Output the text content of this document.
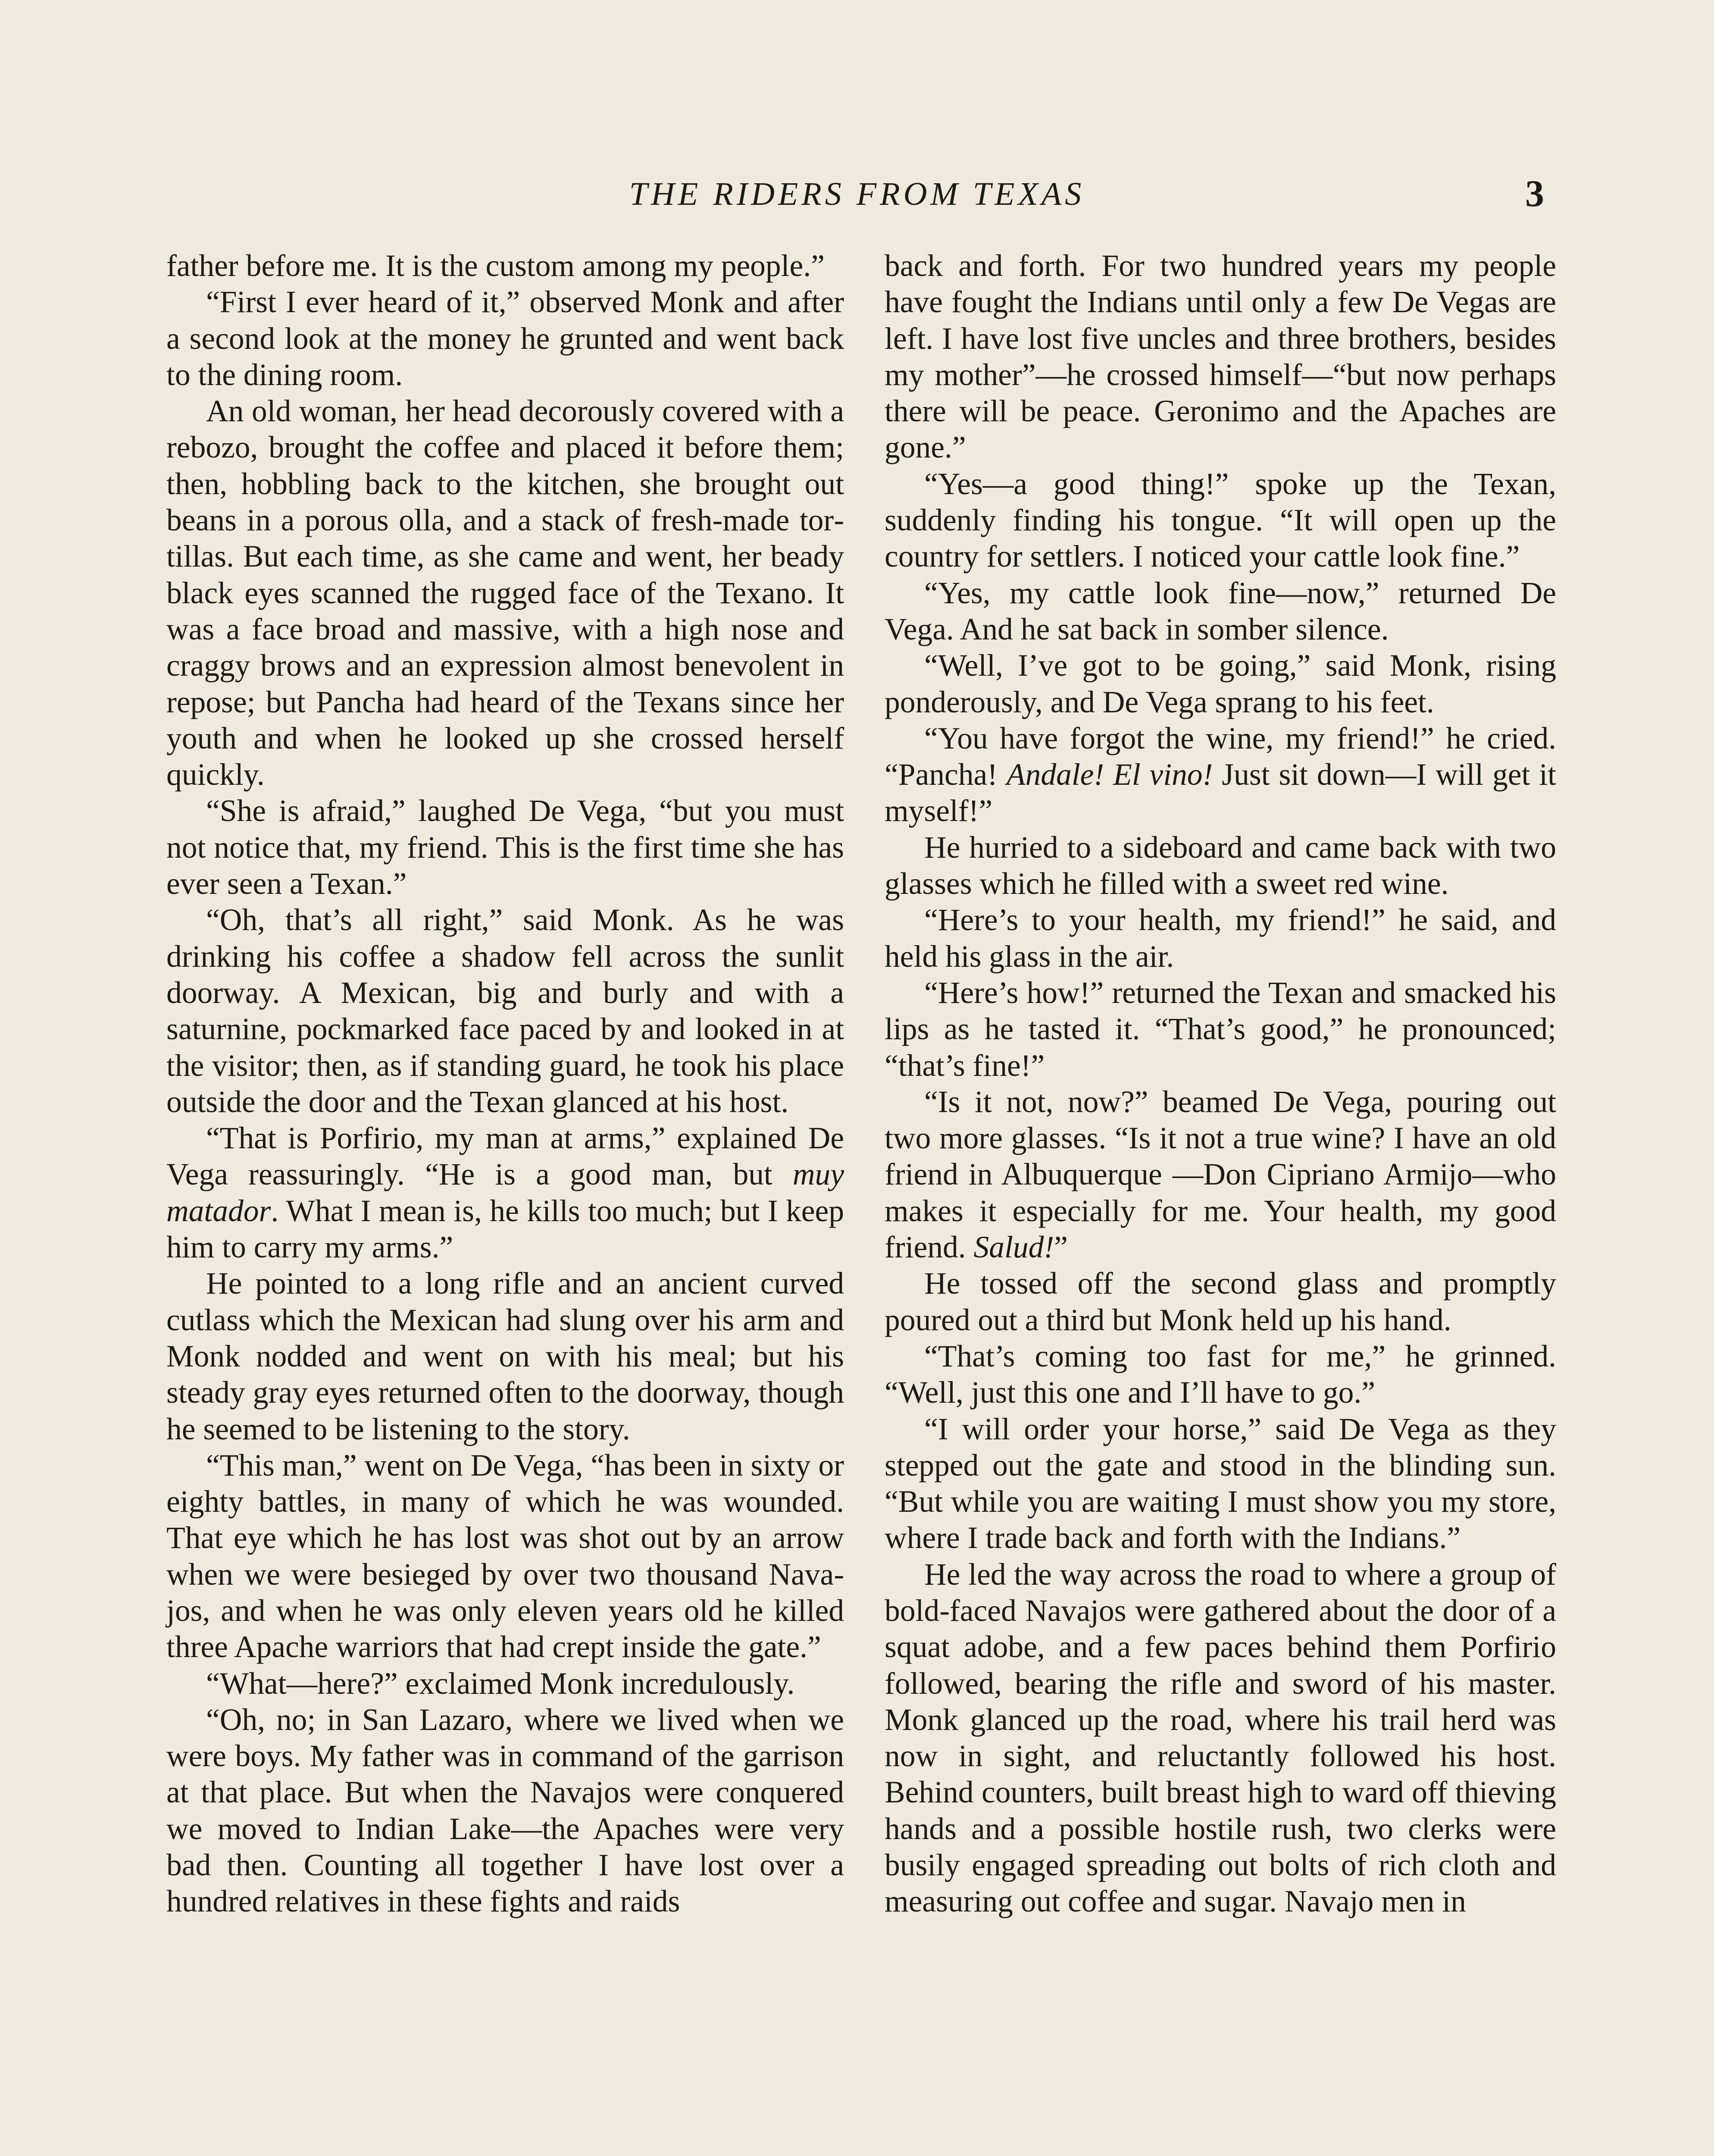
THE RIDERS FROM TEXAS	3

father before me. It is the custom among my people.”

“First I ever heard of it,” observed Monk and after a second look at the money he grunted and went back to the dining room.

An old woman, her head decorously covered with a rebozo, brought the coffee and placed it before them; then, hobbling back to the kitchen, she brought out beans in a porous olla, and a stack of fresh-made tortillas. But each time, as she came and went, her beady black eyes scanned the rugged face of the Texano. It was a face broad and massive, with a high nose and craggy brows and an expression almost benevolent in repose; but Pancha had heard of the Texans since her youth and when he looked up she crossed herself quickly.

“She is afraid,” laughed De Vega, “but you must not notice that, my friend. This is the first time she has ever seen a Texan.”

“Oh, that’s all right,” said Monk. As he was drinking his coffee a shadow fell across the sunlit doorway. A Mexican, big and burly and with a saturnine, pockmarked face paced by and looked in at the visitor; then, as if standing guard, he took his place outside the door and the Texan glanced at his host.

“That is Porfirio, my man at arms,” explained De Vega reassuringly. “He is a good man, but muy matador. What I mean is, he kills too much; but I keep him to carry my arms.”

He pointed to a long rifle and an ancient curved cutlass which the Mexican had slung over his arm and Monk nodded and went on with his meal; but his steady gray eyes returned often to the doorway, though he seemed to be listening to the story.

“This man,” went on De Vega, “has been in sixty or eighty battles, in many of which he was wounded. That eye which he has lost was shot out by an arrow when we were besieged by over two thousand Navajos, and when he was only eleven years old he killed three Apache warriors that had crept inside the gate.”

“What—here?” exclaimed Monk incredulously.

“Oh, no; in San Lazaro, where we lived when we were boys. My father was in command of the garrison at that place. But when the Navajos were conquered we moved to Indian Lake—the Apaches were very bad then. Counting all together I have lost over a hundred relatives in these fights and raids

back and forth. For two hundred years my people have fought the Indians until only a few De Vegas are left. I have lost five uncles and three brothers, besides my mother”—he crossed himself—“but now perhaps there will be peace. Geronimo and the Apaches are gone.”

“Yes—a good thing!” spoke up the Texan, suddenly finding his tongue. “It will open up the country for settlers. I noticed your cattle look fine.”

“Yes, my cattle look fine—now,” returned De Vega. And he sat back in somber silence.

“Well, I’ve got to be going,” said Monk, rising ponderously, and De Vega sprang to his feet.

“You have forgot the wine, my friend!” he cried. “Pancha! Andale! El vino! Just sit down—I will get it myself!”

He hurried to a sideboard and came back with two glasses which he filled with a sweet red wine.

“Here’s to your health, my friend!” he said, and held his glass in the air.

“Here’s how!” returned the Texan and smacked his lips as he tasted it. “That’s good,” he pronounced; “that’s fine!”

“Is it not, now?” beamed De Vega, pouring out two more glasses. “Is it not a true wine? I have an old friend in Albuquerque —Don Cipriano Armijo—who makes it especially for me. Your health, my good friend. Salud!”

He tossed off the second glass and promptly poured out a third but Monk held up his hand.

“That’s coming too fast for me,” he grinned. “Well, just this one and I’ll have to go.”

“I will order your horse,” said De Vega as they stepped out the gate and stood in the blinding sun. “But while you are waiting I must show you my store, where I trade back and forth with the Indians.”

He led the way across the road to where a group of bold-faced Navajos were gathered about the door of a squat adobe, and a few paces behind them Porfirio followed, bearing the rifle and sword of his master. Monk glanced up the road, where his trail herd was now in sight, and reluctantly followed his host. Behind counters, built breast high to ward off thieving hands and a possible hostile rush, two clerks were busily engaged spreading out bolts of rich cloth and measuring out coffee and sugar. Navajo men in
